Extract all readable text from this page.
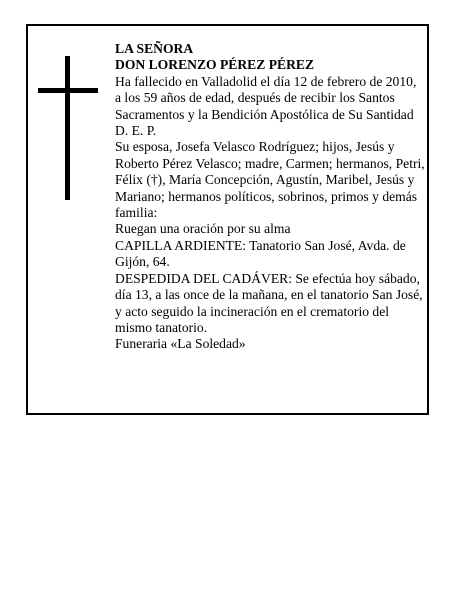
LA SEÑORA

DON LORENZO PÉREZ PÉREZ

Ha fallecido en Valladolid el día 12 de febrero de 2010, a los 59 años de edad, después de recibir los Santos Sacramentos y la Bendición Apostólica de Su Santidad D. E. P.

Su esposa, Josefa Velasco Rodríguez; hijos, Jesús y Roberto Pérez Velasco; madre, Carmen; hermanos, Petri, Félix (†), María Concepción, Agustín, Maribel, Jesús y Mariano; hermanos políticos, sobrinos, primos y demás familia:

Ruegan una oración por su alma

CAPILLA ARDIENTE: Tanatorio San José, Avda. de Gijón, 64.

DESPEDIDA DEL CADÁVER: Se efectúa hoy sábado, día 13, a las once de la mañana, en el tanatorio San José, y acto seguido la incineración en el crematorio del mismo tanatorio.

Funeraria «La Soledad»
